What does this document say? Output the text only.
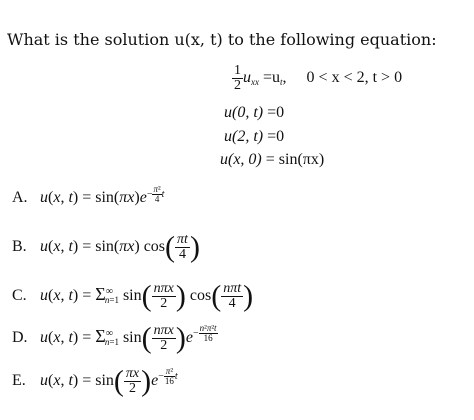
What is the solution u(x, t) to the following equation:
$\frac{1}{2}$ uxx =ut, 0 < x < 2, t > 0
u(0, t) =0
u(2, t) =0
u(x, 0) = sin(πx)
A. u(x, $t) = \sin(\pi x)e^{- \frac{\text{π²}}{4} t}$
B. u(x, t) = sin(πx) $\cos( \frac{\pi t}{4}$ )
C. u(x, t) = Σ∞n=1 $\sin( \frac{\text{nπx}}{2}$ ) $\cos( \frac{\text{nπt}}{4}$ )
D. u(x, t) = Σ∞n=1 $\sin( \frac{\text{nπx}}{2} )e^{- \frac{\text{n²π²t}}{16}}$
E. u(x, $t) = \sin( \frac{\pi x}{2} )e^{- \frac{\text{π²}}{16} t}$
